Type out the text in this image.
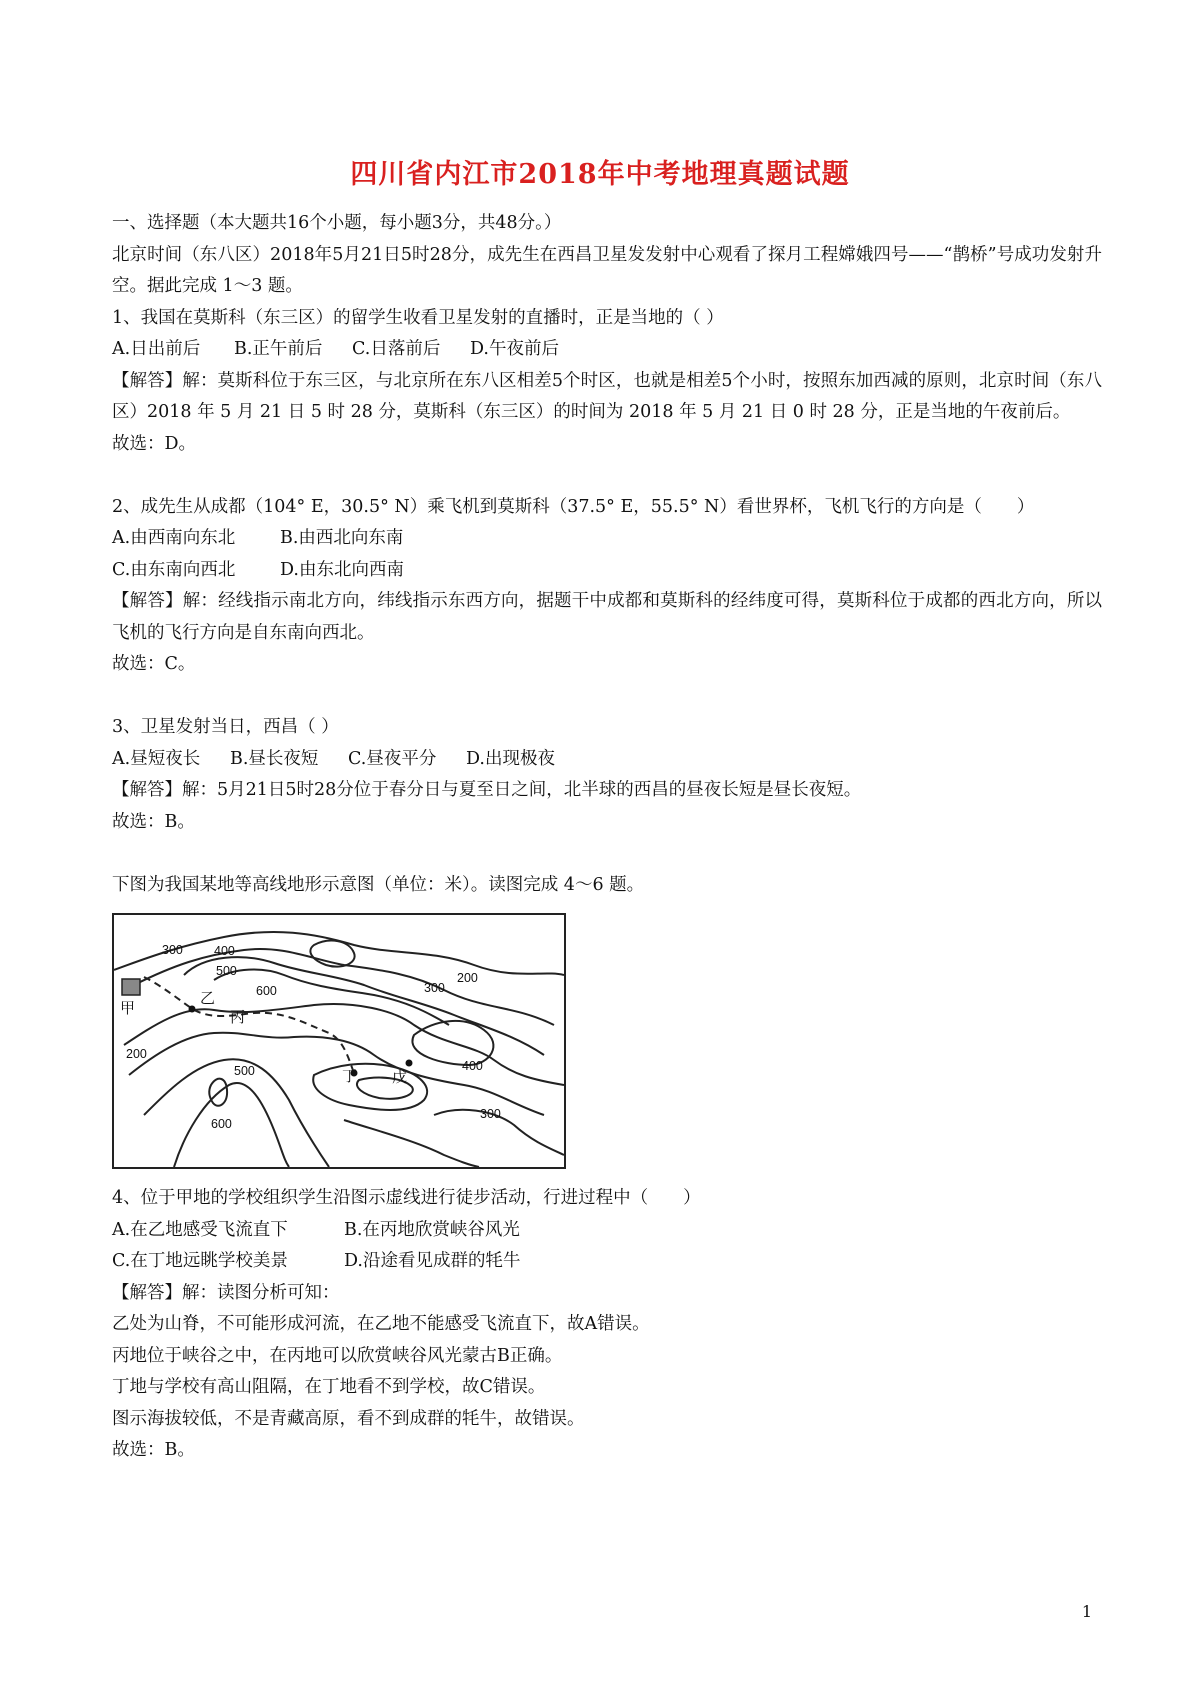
四川省内江市2018年中考地理真题试题

一、选择题（本大题共16个小题，每小题3分，共48分。）

北京时间（东八区）2018年5月21日5时28分，成先生在西昌卫星发发射中心观看了探月工程嫦娥四号——“鹊桥”号成功发射升空。据此完成 1～3 题。

1、我国在莫斯科（东三区）的留学生收看卫星发射的直播时，正是当地的（ ）

A.日出前后	B.正午前后	C.日落前后	D.午夜前后

【解答】解：莫斯科位于东三区，与北京所在东八区相差5个时区，也就是相差5个小时，按照东加西减的原则，北京时间（东八区）2018 年 5 月 21 日 5 时 28 分，莫斯科（东三区）的时间为 2018 年 5 月 21 日 0 时 28 分，正是当地的午夜前后。

故选：D。

2、成先生从成都（104° E，30.5° N）乘飞机到莫斯科（37.5° E，55.5° N）看世界杯，飞机飞行的方向是（　　）

A.由西南向东北	B.由西北向东南

C.由东南向西北	D.由东北向西南

【解答】解：经线指示南北方向，纬线指示东西方向，据题干中成都和莫斯科的经纬度可得，莫斯科位于成都的西北方向，所以飞机的飞行方向是自东南向西北。

故选：C。

3、卫星发射当日，西昌（ ）

A.昼短夜长	B.昼长夜短	C.昼夜平分	D.出现极夜

【解答】解：5月21日5时28分位于春分日与夏至日之间，北半球的西昌的昼夜长短是昼长夜短。

故选：B。

下图为我国某地等高线地形示意图（单位：米）。读图完成 4～6 题。

300 400
500
600	300
200
200
500	400
300
600
甲
乙
丙
丁 戊

4、位于甲地的学校组织学生沿图示虚线进行徒步活动，行进过程中（　　）

A.在乙地感受飞流直下	B.在丙地欣赏峡谷风光

C.在丁地远眺学校美景	D.沿途看见成群的牦牛

【解答】解：读图分析可知：

乙处为山脊，不可能形成河流，在乙地不能感受飞流直下，故A错误。

丙地位于峡谷之中，在丙地可以欣赏峡谷风光蒙古B正确。

丁地与学校有高山阻隔，在丁地看不到学校，故C错误。

图示海拔较低，不是青藏高原，看不到成群的牦牛，故错误。

故选：B。

1
